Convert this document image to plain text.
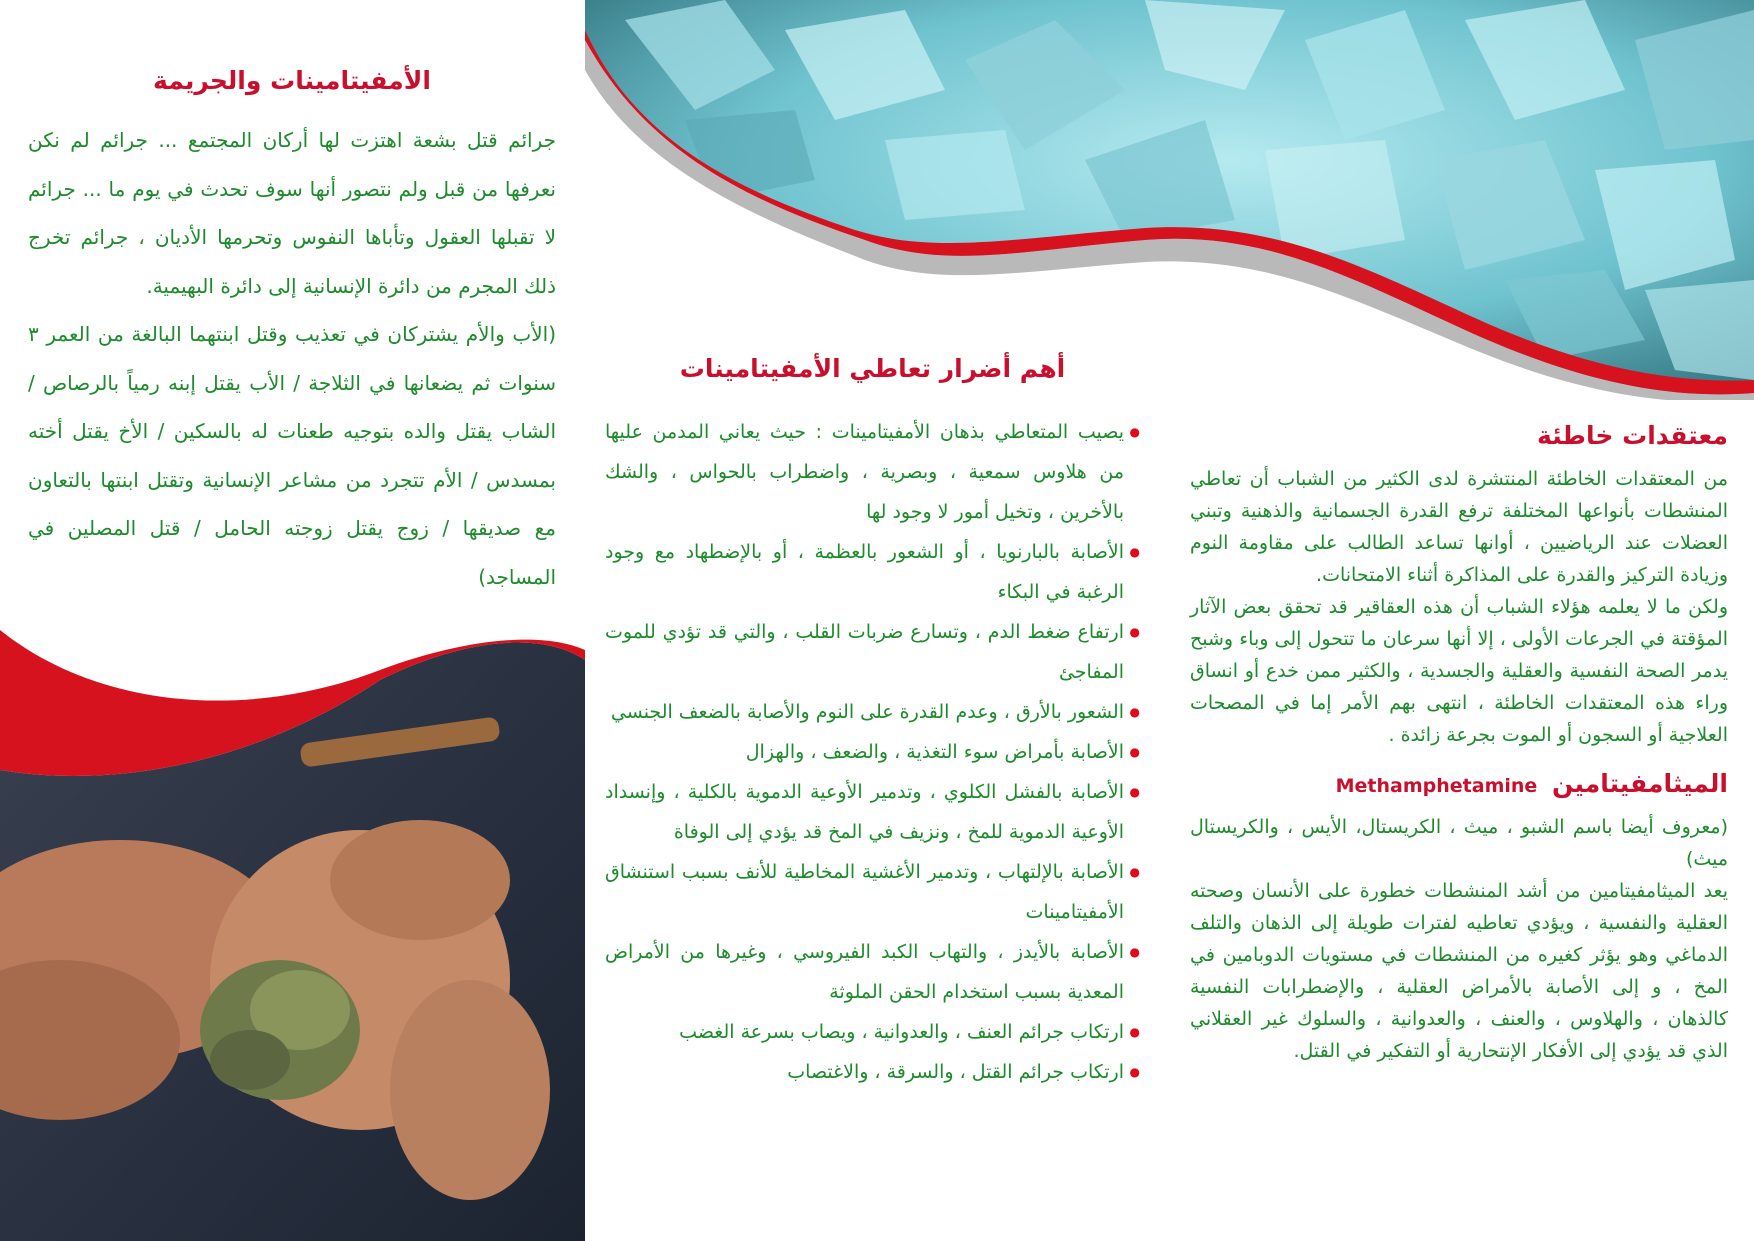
الأمفيتامينات والجريمة

جرائم قتل بشعة اهتزت لها أركان المجتمع ... جرائم لم نكن نعرفها من قبل ولم نتصور أنها سوف تحدث في يوم ما ... جرائم لا تقبلها العقول وتأباها النفوس وتحرمها الأديان ، جرائم تخرج ذلك المجرم من دائرة الإنسانية إلى دائرة البهيمية.

(الأب والأم يشتركان في تعذيب وقتل ابنتهما البالغة من العمر ٣ سنوات ثم يضعانها في الثلاجة / الأب يقتل إبنه رمياً بالرصاص / الشاب يقتل والده بتوجيه طعنات له بالسكين / الأخ يقتل أخته بمسدس / الأم تتجرد من مشاعر الإنسانية وتقتل ابنتها بالتعاون مع صديقها / زوج يقتل زوجته الحامل / قتل المصلين في المساجد)

أهم أضرار تعاطي الأمفيتامينات
● يصيب المتعاطي بذهان الأمفيتامينات : حيث يعاني المدمن عليها من هلاوس سمعية ، وبصرية ، واضطراب بالحواس ، والشك بالأخرين ، وتخيل أمور لا وجود لها
● الأصابة بالبارنويا ، أو الشعور بالعظمة ، أو بالإضطهاد مع وجود الرغبة في البكاء
● ارتفاع ضغط الدم ، وتسارع ضربات القلب ، والتي قد تؤدي للموت المفاجئ
● الشعور بالأرق ، وعدم القدرة على النوم والأصابة بالضعف الجنسي
● الأصابة بأمراض سوء التغذية ، والضعف ، والهزال
● الأصابة بالفشل الكلوي ، وتدمير الأوعية الدموية بالكلية ، وإنسداد الأوعية الدموية للمخ ، ونزيف في المخ قد يؤدي إلى الوفاة
● الأصابة بالإلتهاب ، وتدمير الأغشية المخاطية للأنف بسبب استنشاق الأمفيتامينات
● الأصابة بالأيدز ، والتهاب الكبد الفيروسي ، وغيرها من الأمراض المعدية بسبب استخدام الحقن الملوثة
● ارتكاب جرائم العنف ، والعدوانية ، ويصاب بسرعة الغضب
● ارتكاب جرائم القتل ، والسرقة ، والاغتصاب
معتقدات خاطئة

من المعتقدات الخاطئة المنتشرة لدى الكثير من الشباب أن تعاطي المنشطات بأنواعها المختلفة ترفع القدرة الجسمانية والذهنية وتبني العضلات عند الرياضيين ، أوانها تساعد الطالب على مقاومة النوم وزيادة التركيز والقدرة على المذاكرة أثناء الامتحانات.

ولكن ما لا يعلمه هؤلاء الشباب أن هذه العقاقير قد تحقق بعض الآثار المؤقتة في الجرعات الأولى ، إلا أنها سرعان ما تتحول إلى وباء وشبح يدمر الصحة النفسية والعقلية والجسدية ، والكثير ممن خدع أو انساق وراء هذه المعتقدات الخاطئة ، انتهى بهم الأمر إما في المصحات العلاجية أو السجون أو الموت بجرعة زائدة .

الميثامفيتامين Methamphetamine

(معروف أيضا باسم الشبو ، ميث ، الكريستال، الأيس ، والكريستال ميث)

يعد الميثامفيتامين من أشد المنشطات خطورة على الأنسان وصحته العقلية والنفسية ، ويؤدي تعاطيه لفترات طويلة إلى الذهان والتلف الدماغي وهو يؤثر كغيره من المنشطات في مستويات الدوبامين في المخ ، و إلى الأصابة بالأمراض العقلية ، والإضطرابات النفسية كالذهان ، والهلاوس ، والعنف ، والعدوانية ، والسلوك غير العقلاني الذي قد يؤدي إلى الأفكار الإنتحارية أو التفكير في القتل.
